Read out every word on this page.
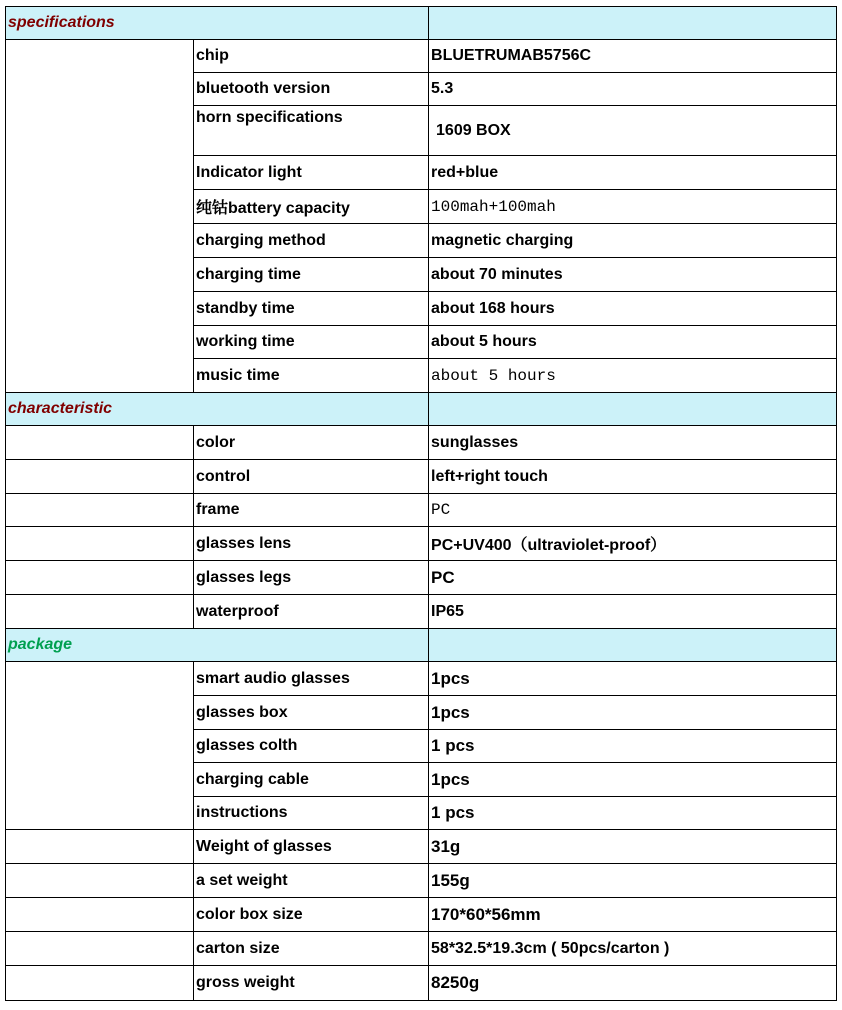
specifications		
	chip	BLUETRUMAB5756C
	bluetooth version	5.3
	horn specifications	1609 BOX
	Indicator light	red+blue
	纯钴battery capacity	100mah+100mah
	charging method	magnetic charging
	charging time	about 70 minutes
	standby time	about 168 hours
	working time	about 5 hours
	music time	about 5 hours
characteristic		
	color	sunglasses
	control	left+right touch
	frame	PC
	glasses lens	PC+UV400（ultraviolet-proof）
	glasses legs	PC
	waterproof	IP65
package		
	smart audio glasses	1pcs
	glasses box	1pcs
	glasses colth	1 pcs
	charging cable	1pcs
	instructions	1 pcs
	Weight of glasses	31g
	a set weight	155g
	color box size	170*60*56mm
	carton size	58*32.5*19.3cm ( 50pcs/carton )
	gross weight	8250g
